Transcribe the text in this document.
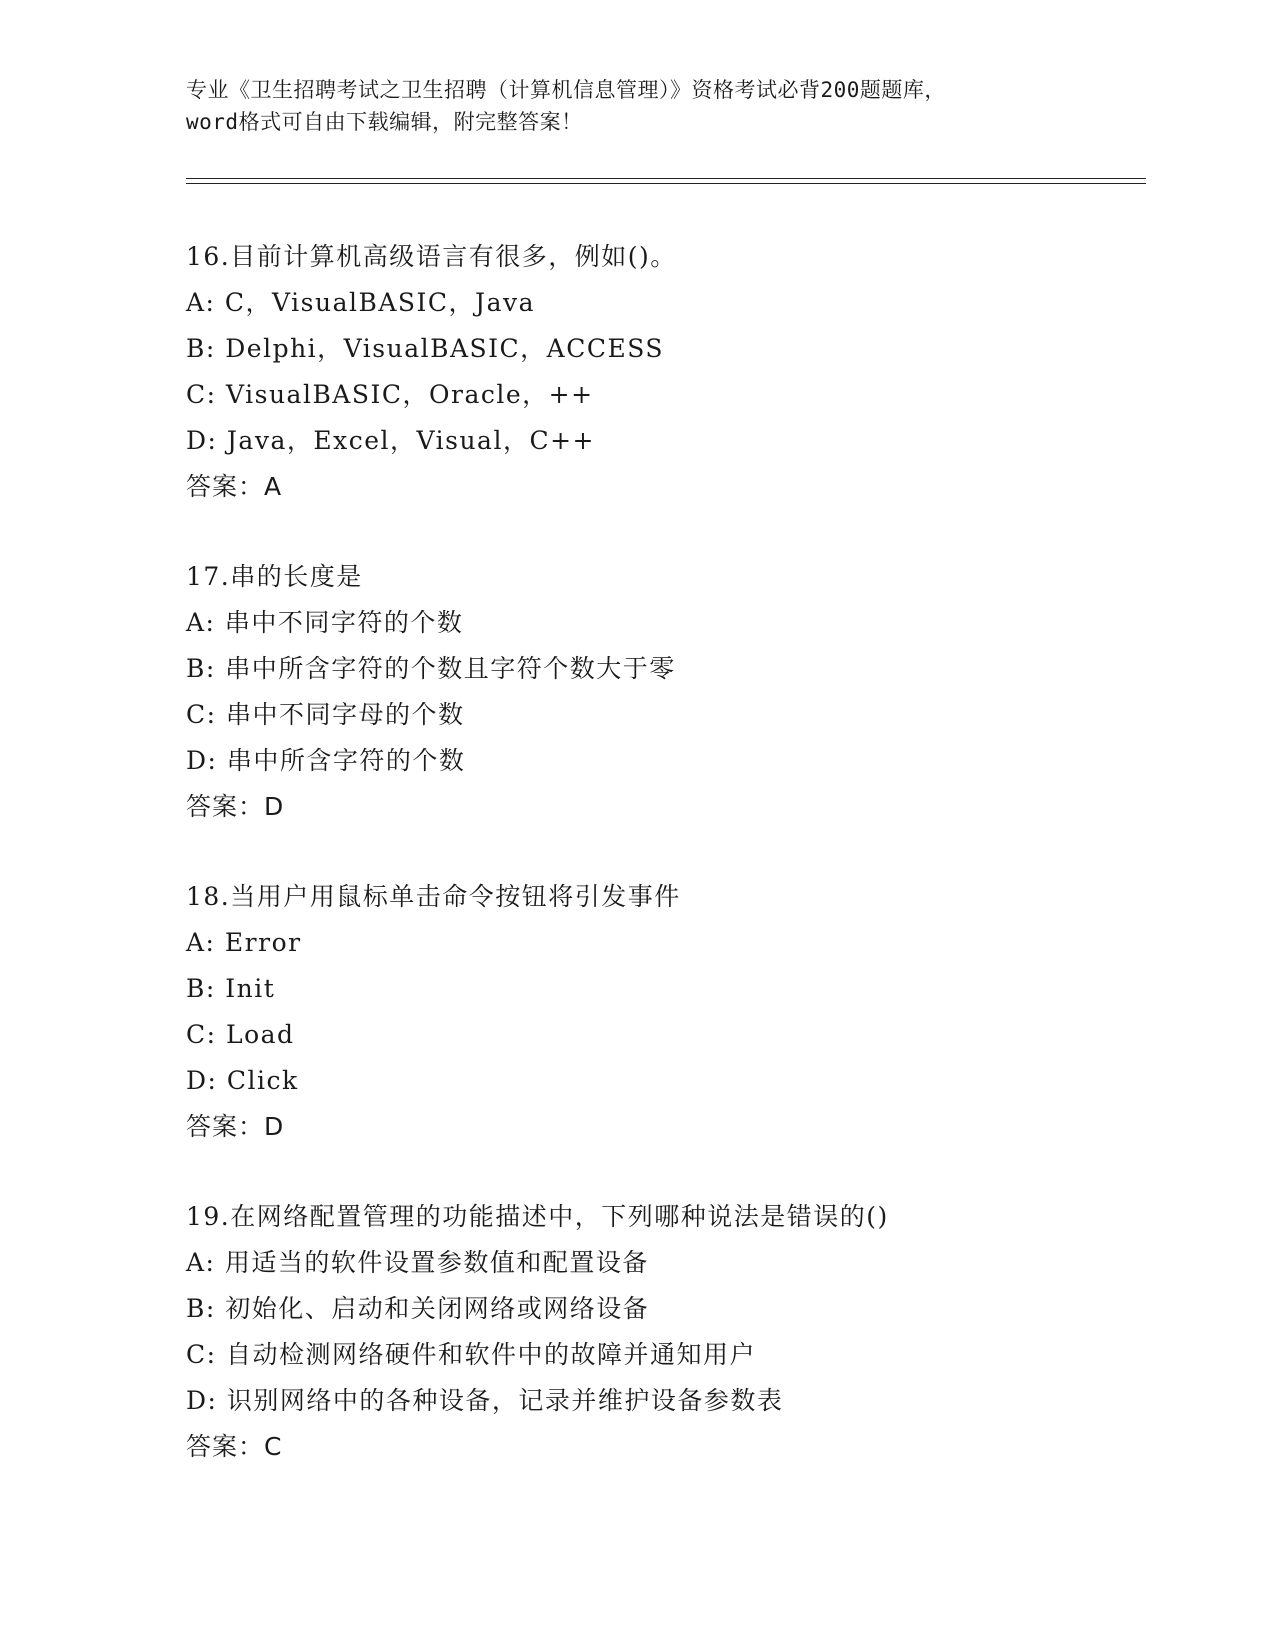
专业《卫生招聘考试之卫生招聘（计算机信息管理）》资格考试必背200题题库，
word格式可自由下载编辑，附完整答案！
16.目前计算机高级语言有很多，例如()。
A: C，VisualBASIC，Java
B: Delphi，VisualBASIC，ACCESS
C: VisualBASIC，Oracle，++
D: Java，Excel，Visual，C++
答案：A
17.串的长度是
A: 串中不同字符的个数
B: 串中所含字符的个数且字符个数大于零
C: 串中不同字母的个数
D: 串中所含字符的个数
答案：D
18.当用户用鼠标单击命令按钮将引发事件
A: Error
B: Init
C: Load
D: Click
答案：D
19.在网络配置管理的功能描述中，下列哪种说法是错误的()
A: 用适当的软件设置参数值和配置设备
B: 初始化、启动和关闭网络或网络设备
C: 自动检测网络硬件和软件中的故障并通知用户
D: 识别网络中的各种设备，记录并维护设备参数表
答案：C
